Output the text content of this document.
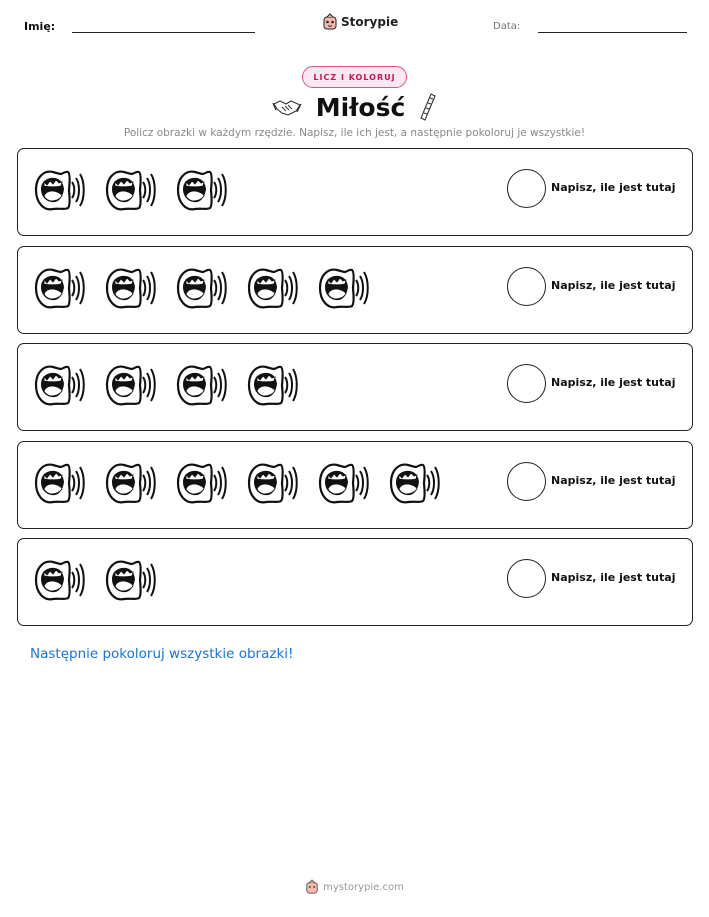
Imię:	Storypie	Data:
LICZ I KOLORUJ
Miłość
Policz obrazki w każdym rzędzie. Napisz, ile ich jest, a następnie pokoloruj je wszystkie!
Napisz, ile jest tutaj
Napisz, ile jest tutaj
Napisz, ile jest tutaj
Napisz, ile jest tutaj
Napisz, ile jest tutaj
Następnie pokoloruj wszystkie obrazki!
mystorypie.com
